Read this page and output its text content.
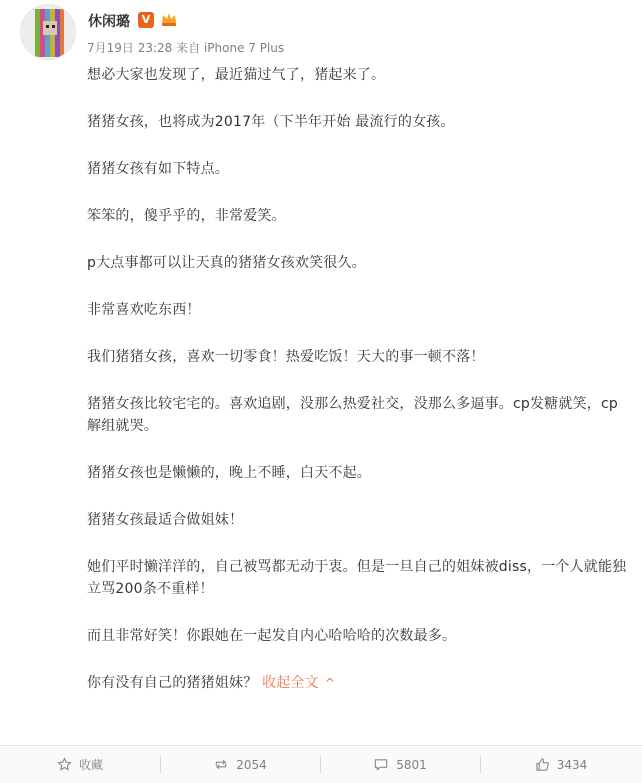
休闲璐	V
7月19日 23:28 来自 iPhone 7 Plus

想必大家也发现了，最近猫过气了，猪起来了。

猪猪女孩，也将成为2017年（下半年开始 最流行的女孩。

猪猪女孩有如下特点。

笨笨的，傻乎乎的，非常爱笑。

p大点事都可以让天真的猪猪女孩欢笑很久。

非常喜欢吃东西！

我们猪猪女孩，喜欢一切零食！热爱吃饭！天大的事一顿不落！

猪猪女孩比较宅宅的。喜欢追剧，没那么热爱社交，没那么多逼事。cp发糖就笑，cp解组就哭。

猪猪女孩也是懒懒的，晚上不睡，白天不起。

猪猪女孩最适合做姐妹！

她们平时懒洋洋的，自己被骂都无动于衷。但是一旦自己的姐妹被diss，一个人就能独立骂200条不重样！

而且非常好笑！你跟她在一起发自内心哈哈哈的次数最多。

你有没有自己的猪猪姐妹？ 收起全文 ^

收藏	2054	5801	3434
